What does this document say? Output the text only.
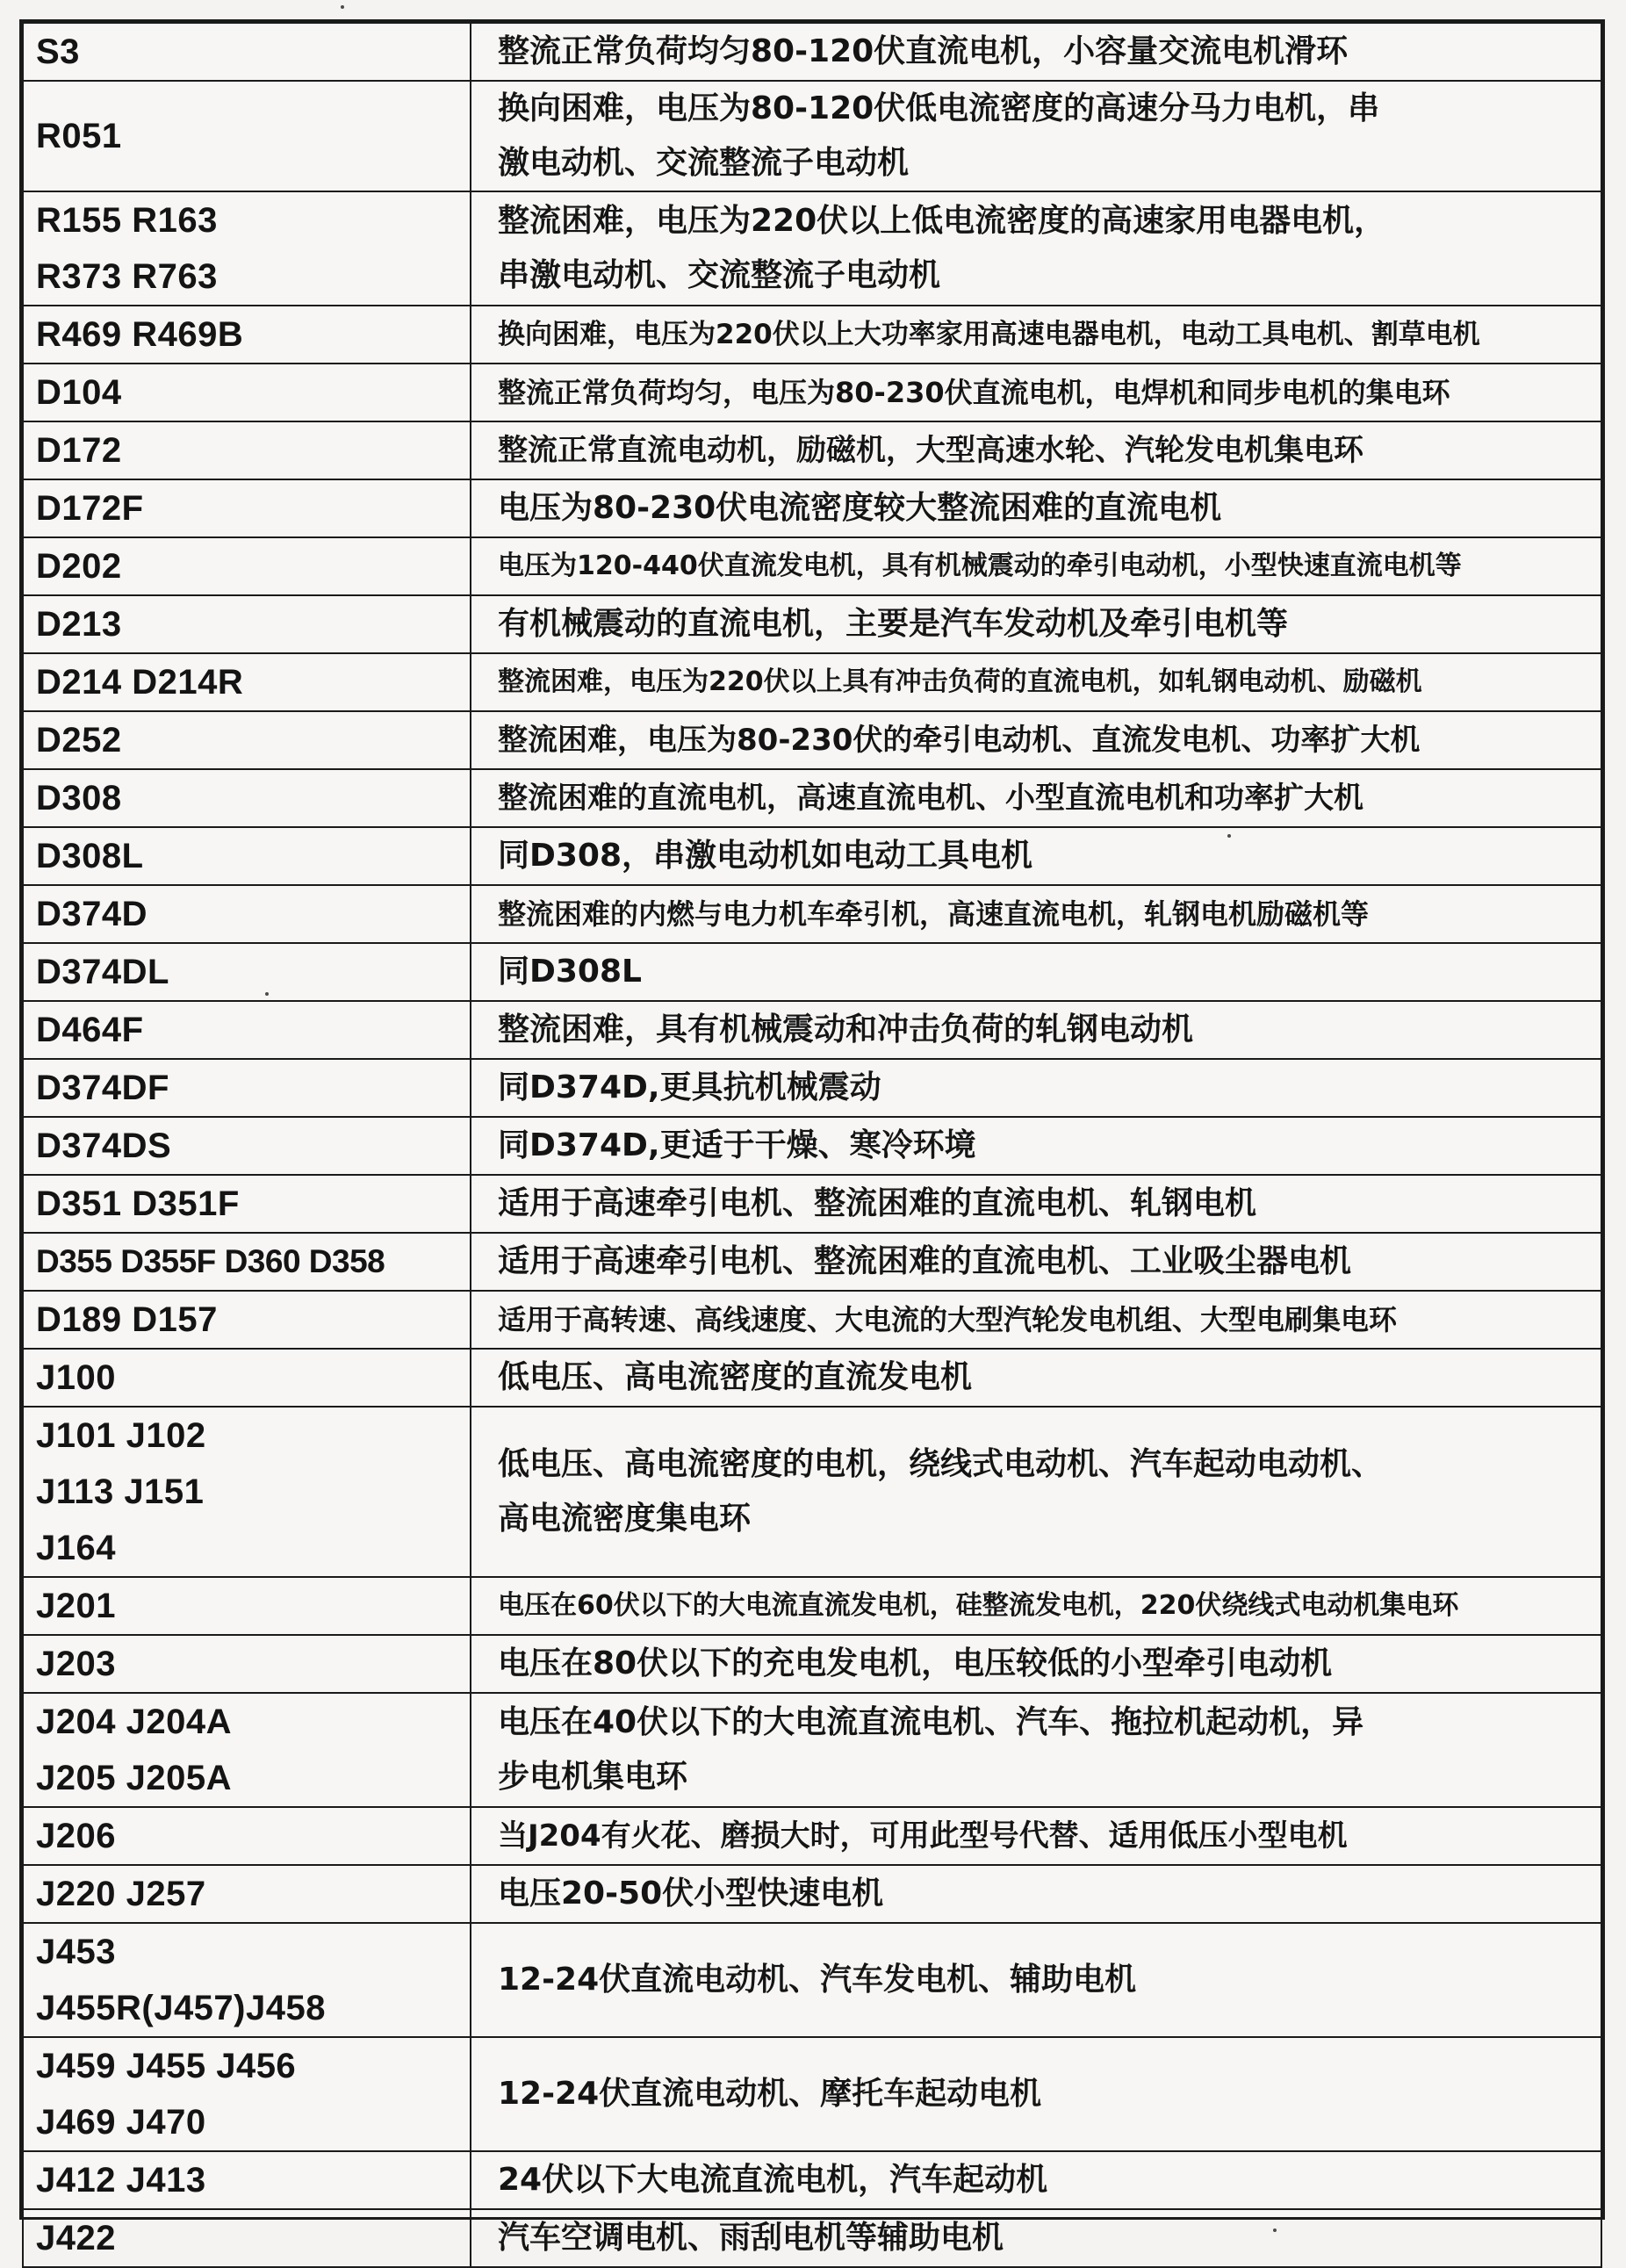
S3	整流正常负荷均匀80-120伏直流电机，小容量交流电机滑环

R051	换向困难，电压为80-120伏低电流密度的高速分马力电机，串
激电动机、交流整流子电动机

R155 R163
R373 R763	整流困难，电压为220伏以上低电流密度的高速家用电器电机，
串激电动机、交流整流子电动机

R469 R469B	换向困难，电压为220伏以上大功率家用高速电器电机，电动工具电机、割草电机

D104	整流正常负荷均匀，电压为80-230伏直流电机，电焊机和同步电机的集电环

D172	整流正常直流电动机，励磁机，大型高速水轮、汽轮发电机集电环

D172F	电压为80-230伏电流密度较大整流困难的直流电机

D202	电压为120-440伏直流发电机，具有机械震动的牵引电动机，小型快速直流电机等

D213	有机械震动的直流电机，主要是汽车发动机及牵引电机等

D214 D214R	整流困难，电压为220伏以上具有冲击负荷的直流电机，如轧钢电动机、励磁机

D252	整流困难，电压为80-230伏的牵引电动机、直流发电机、功率扩大机

D308	整流困难的直流电机，高速直流电机、小型直流电机和功率扩大机

D308L	同D308，串激电动机如电动工具电机

D374D	整流困难的内燃与电力机车牵引机，高速直流电机，轧钢电机励磁机等

D374DL	同D308L

D464F	整流困难，具有机械震动和冲击负荷的轧钢电动机

D374DF	同D374D,更具抗机械震动

D374DS	同D374D,更适于干燥、寒冷环境

D351 D351F	适用于高速牵引电机、整流困难的直流电机、轧钢电机

D355 D355F D360 D358	适用于高速牵引电机、整流困难的直流电机、工业吸尘器电机

D189 D157	适用于高转速、高线速度、大电流的大型汽轮发电机组、大型电刷集电环

J100	低电压、高电流密度的直流发电机

J101 J102
J113 J151
J164	低电压、高电流密度的电机，绕线式电动机、汽车起动电动机、
高电流密度集电环

J201	电压在60伏以下的大电流直流发电机，硅整流发电机，220伏绕线式电动机集电环

J203	电压在80伏以下的充电发电机，电压较低的小型牵引电动机

J204 J204A
J205 J205A	电压在40伏以下的大电流直流电机、汽车、拖拉机起动机，异
步电机集电环

J206	当J204有火花、磨损大时，可用此型号代替、适用低压小型电机

J220 J257	电压20-50伏小型快速电机

J453
J455R(J457)J458	12-24伏直流电动机、汽车发电机、辅助电机

J459 J455 J456
J469 J470	12-24伏直流电动机、摩托车起动电机

J412 J413	24伏以下大电流直流电机，汽车起动机

J422	汽车空调电机、雨刮电机等辅助电机
